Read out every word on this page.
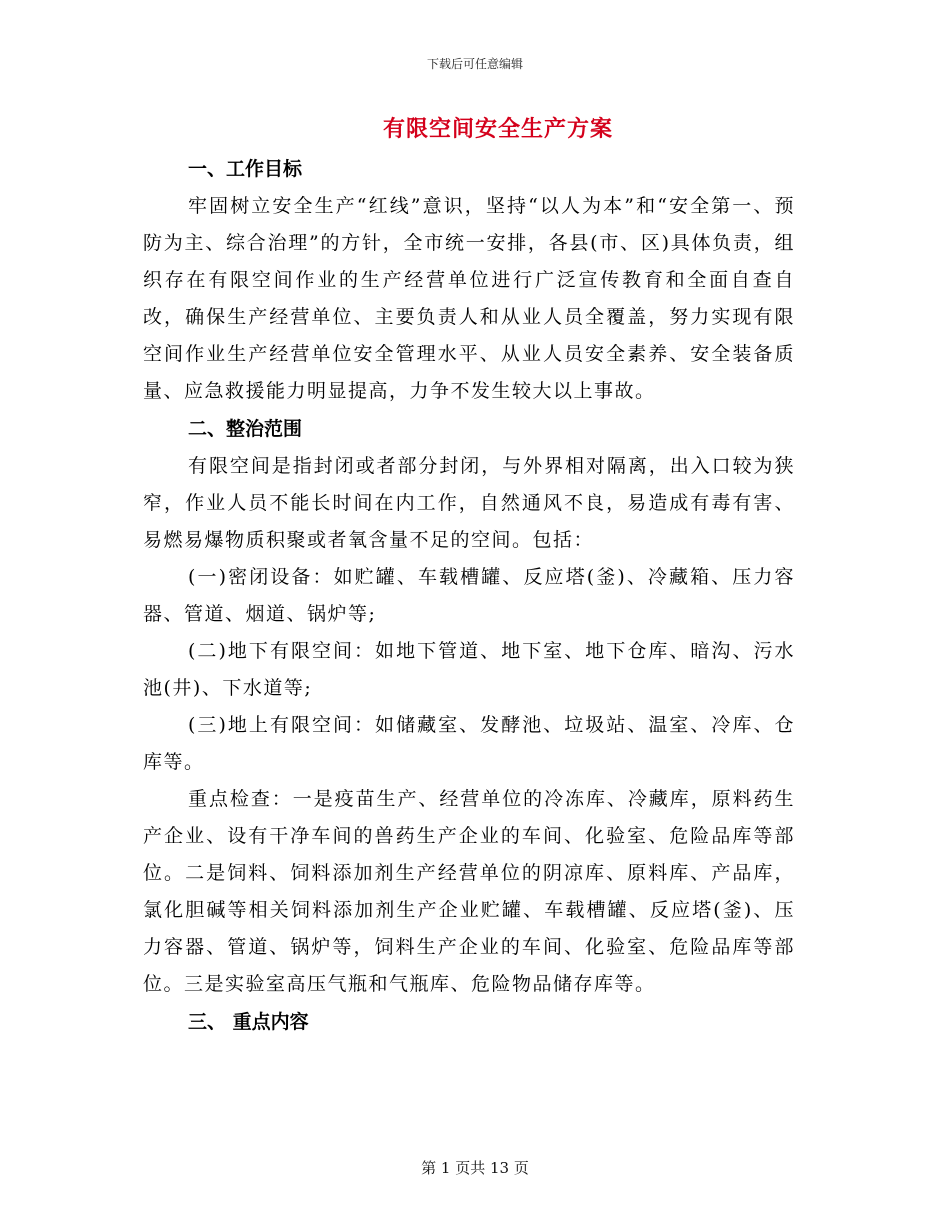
下载后可任意编辑
有限空间安全生产方案
一、工作目标

牢固树立安全生产“红线”意识，坚持“以人为本”和“安全第一、预防为主、综合治理”的方针，全市统一安排，各县(市、区)具体负责，组织存在有限空间作业的生产经营单位进行广泛宣传教育和全面自查自改，确保生产经营单位、主要负责人和从业人员全覆盖，努力实现有限空间作业生产经营单位安全管理水平、从业人员安全素养、安全装备质量、应急救援能力明显提高，力争不发生较大以上事故。

二、整治范围

有限空间是指封闭或者部分封闭，与外界相对隔离，出入口较为狭窄，作业人员不能长时间在内工作，自然通风不良，易造成有毒有害、易燃易爆物质积聚或者氧含量不足的空间。包括：

(一)密闭设备：如贮罐、车载槽罐、反应塔(釜)、冷藏箱、压力容器、管道、烟道、锅炉等;

(二)地下有限空间：如地下管道、地下室、地下仓库、暗沟、污水池(井)、下水道等;

(三)地上有限空间：如储藏室、发酵池、垃圾站、温室、冷库、仓库等。

重点检查：一是疫苗生产、经营单位的冷冻库、冷藏库，原料药生产企业、设有干净车间的兽药生产企业的车间、化验室、危险品库等部位。二是饲料、饲料添加剂生产经营单位的阴凉库、原料库、产品库，氯化胆碱等相关饲料添加剂生产企业贮罐、车载槽罐、反应塔(釜)、压力容器、管道、锅炉等，饲料生产企业的车间、化验室、危险品库等部位。三是实验室高压气瓶和气瓶库、危险物品储存库等。

三、 重点内容
第 1 页共 13 页
